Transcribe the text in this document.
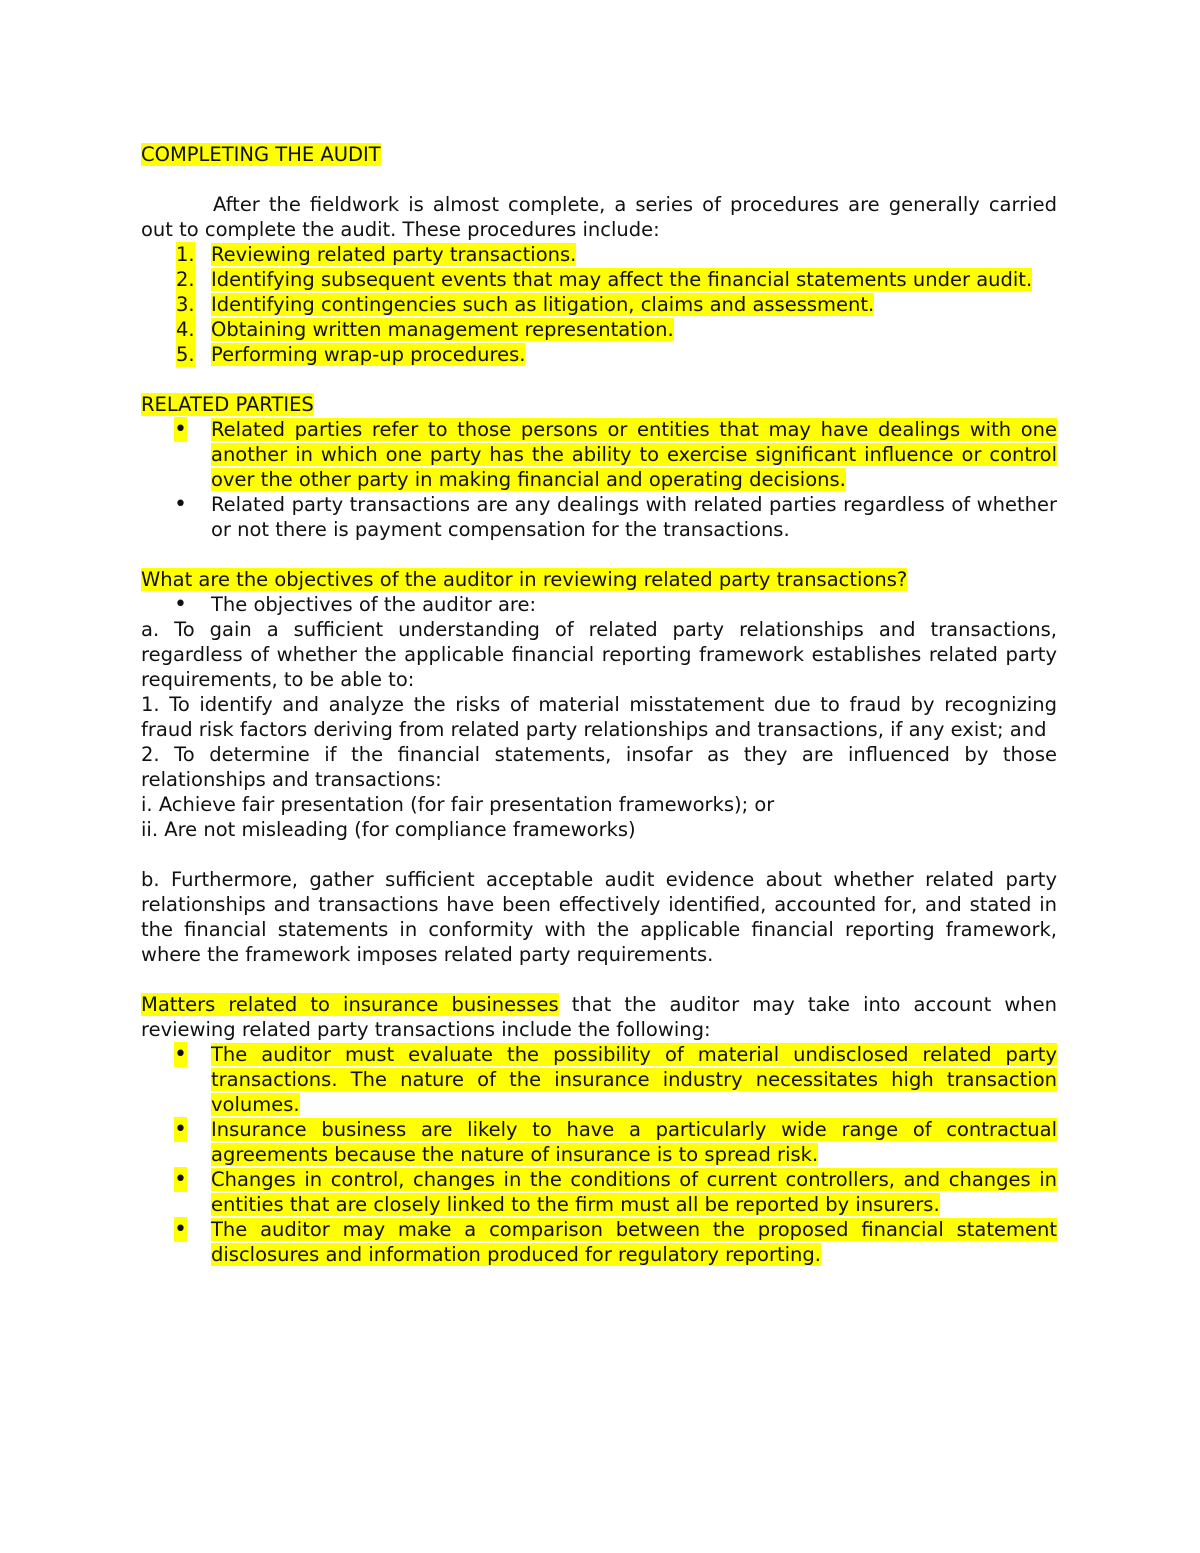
COMPLETING THE AUDIT

After the fieldwork is almost complete, a series of procedures are generally carried out to complete the audit. These procedures include:

1. Reviewing related party transactions.
2. Identifying subsequent events that may affect the financial statements under audit.
3. Identifying contingencies such as litigation, claims and assessment.
4. Obtaining written management representation.
5. Performing wrap-up procedures.

RELATED PARTIES

• Related parties refer to those persons or entities that may have dealings with one another in which one party has the ability to exercise significant influence or control over the other party in making financial and operating decisions.
• Related party transactions are any dealings with related parties regardless of whether or not there is payment compensation for the transactions.

What are the objectives of the auditor in reviewing related party transactions?

• The objectives of the auditor are:

a. To gain a sufficient understanding of related party relationships and transactions, regardless of whether the applicable financial reporting framework establishes related party requirements, to be able to:

1. To identify and analyze the risks of material misstatement due to fraud by recognizing fraud risk factors deriving from related party relationships and transactions, if any exist; and

2. To determine if the financial statements, insofar as they are influenced by those relationships and transactions:

i. Achieve fair presentation (for fair presentation frameworks); or

ii. Are not misleading (for compliance frameworks)

b. Furthermore, gather sufficient acceptable audit evidence about whether related party relationships and transactions have been effectively identified, accounted for, and stated in the financial statements in conformity with the applicable financial reporting framework, where the framework imposes related party requirements.

Matters related to insurance businesses that the auditor may take into account when reviewing related party transactions include the following:

• The auditor must evaluate the possibility of material undisclosed related party transactions. The nature of the insurance industry necessitates high transaction volumes.
• Insurance business are likely to have a particularly wide range of contractual agreements because the nature of insurance is to spread risk.
• Changes in control, changes in the conditions of current controllers, and changes in entities that are closely linked to the firm must all be reported by insurers.
• The auditor may make a comparison between the proposed financial statement disclosures and information produced for regulatory reporting.
